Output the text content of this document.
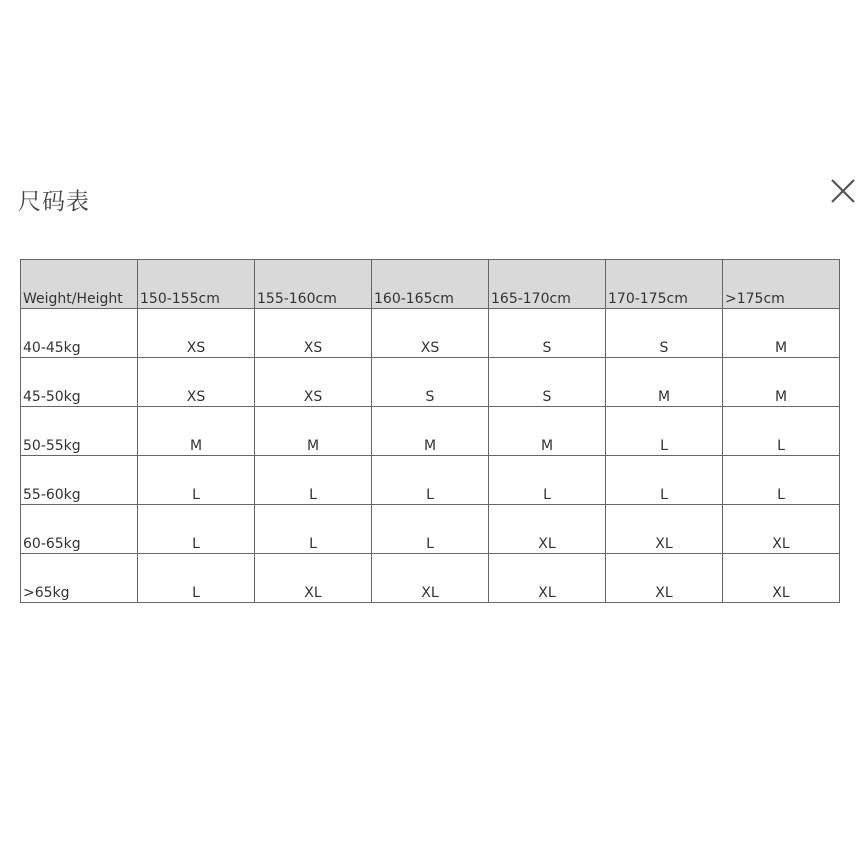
尺码表
Weight/Height	150-155cm	155-160cm	160-165cm	165-170cm	170-175cm	>175cm
40-45kg	XS	XS	XS	S	S	M
45-50kg	XS	XS	S	S	M	M
50-55kg	M	M	M	M	L	L
55-60kg	L	L	L	L	L	L
60-65kg	L	L	L	XL	XL	XL
>65kg	L	XL	XL	XL	XL	XL
